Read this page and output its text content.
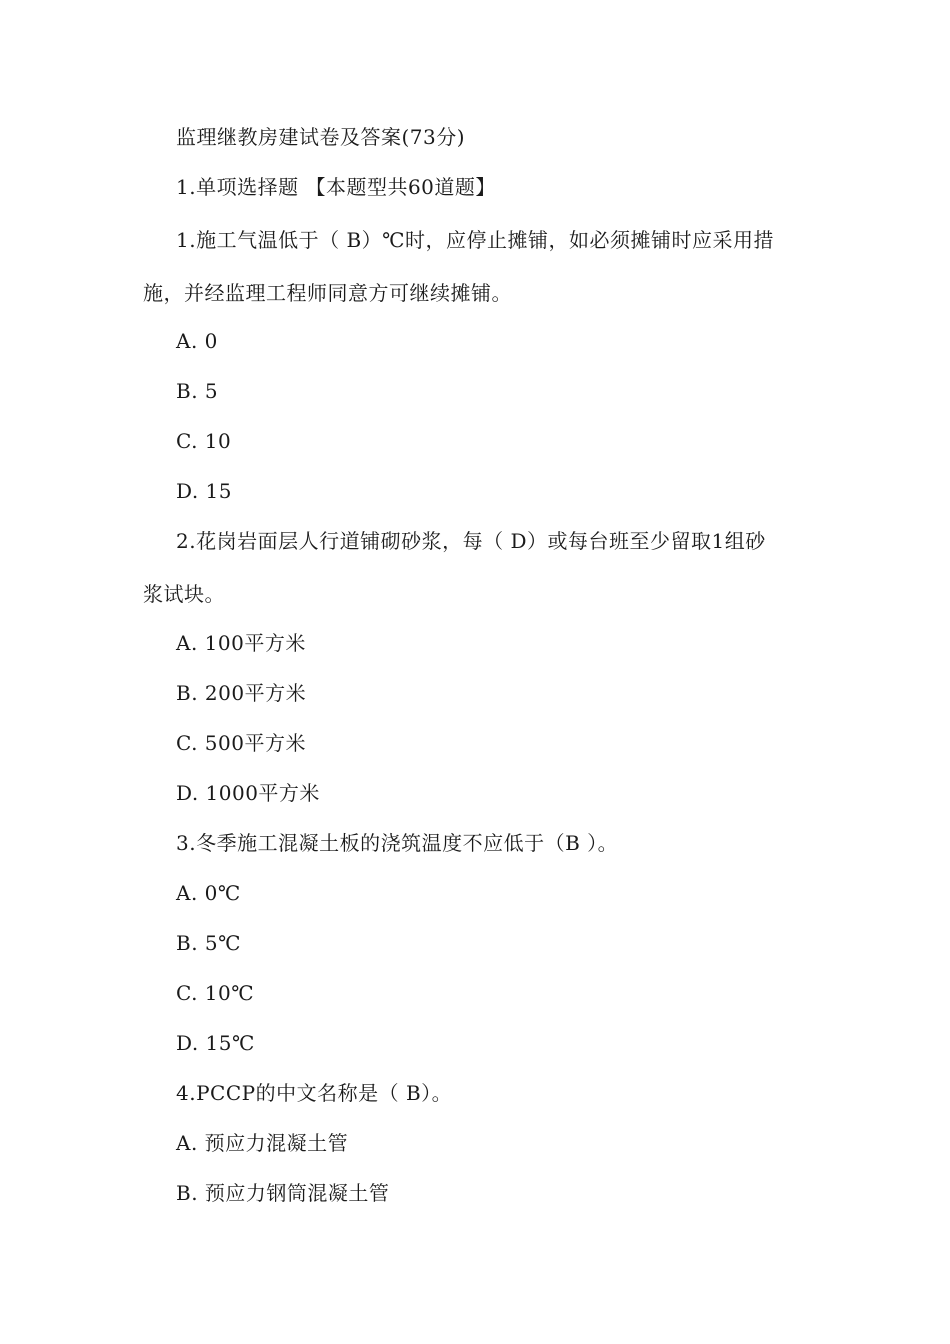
监理继教房建试卷及答案(73分)
1.单项选择题 【本题型共60道题】
1.施工气温低于（ B）℃时，应停止摊铺，如必须摊铺时应采用措
施，并经监理工程师同意方可继续摊铺。
A. 0
B. 5
C. 10
D. 15
2.花岗岩面层人行道铺砌砂浆，每（ D）或每台班至少留取1组砂
浆试块。
A. 100平方米
B. 200平方米
C. 500平方米
D. 1000平方米
3.冬季施工混凝土板的浇筑温度不应低于（B ）。
A. 0℃
B. 5℃
C. 10℃
D. 15℃
4.PCCP的中文名称是（ B）。
A. 预应力混凝土管
B. 预应力钢筒混凝土管
